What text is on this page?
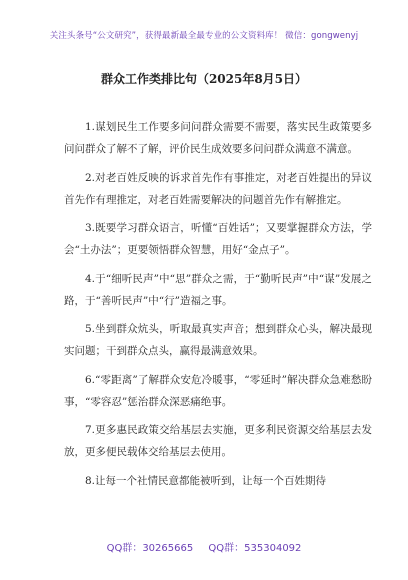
关注头条号“公文研究”，获得最新最全最专业的公文资料库！ 微信：gongwenyj
群众工作类排比句（2025年8月5日）

1.谋划民生工作要多问问群众需要不需要，落实民生政策要多问问群众了解不了解，评价民生成效要多问问群众满意不满意。

2.对老百姓反映的诉求首先作有事推定，对老百姓提出的异议首先作有理推定，对老百姓需要解决的问题首先作有解推定。

3.既要学习群众语言，听懂“百姓话”；又要掌握群众方法，学会“土办法”；更要领悟群众智慧，用好“金点子”。

4.于“细听民声”中“思”群众之需，于“勤听民声”中“谋”发展之路，于“善听民声”中“行”造福之事。

5.坐到群众炕头，听取最真实声音；想到群众心头，解决最现实问题；干到群众点头，赢得最满意效果。

6.“零距离”了解群众安危冷暖事，“零延时”解决群众急难愁盼事，“零容忍”惩治群众深恶痛绝事。

7.更多惠民政策交给基层去实施，更多利民资源交给基层去发放，更多便民载体交给基层去使用。

8.让每一个社情民意都能被听到，让每一个百姓期待

QQ群：30265665 QQ群：535304092
